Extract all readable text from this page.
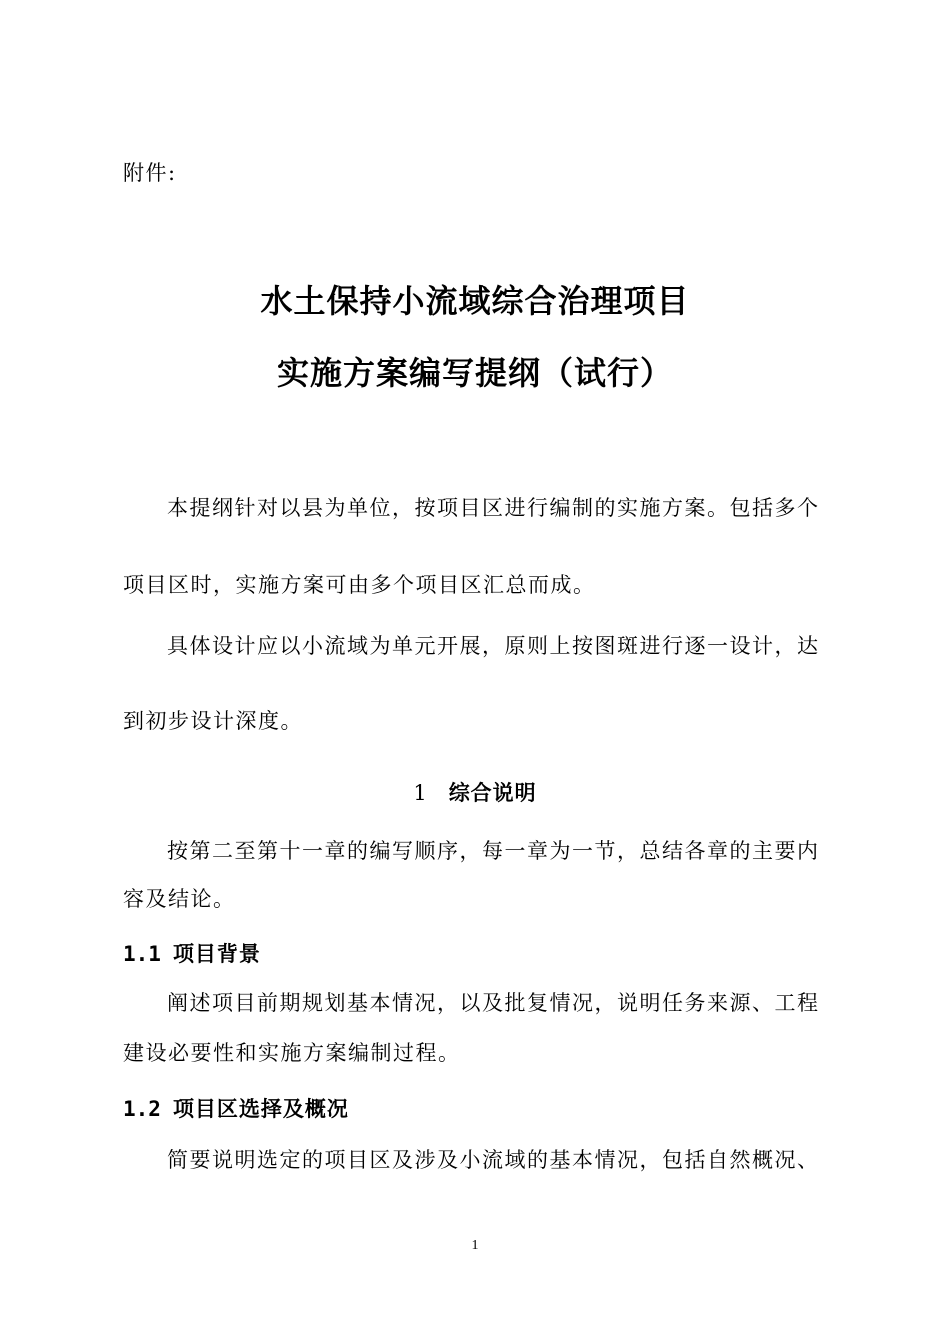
附件:
水土保持小流域综合治理项目
实施方案编写提纲（试行）
本提纲针对以县为单位，按项目区进行编制的实施方案。包括多个
项目区时，实施方案可由多个项目区汇总而成。
具体设计应以小流域为单元开展，原则上按图斑进行逐一设计，达
到初步设计深度。
1 综合说明
按第二至第十一章的编写顺序，每一章为一节，总结各章的主要内
容及结论。
1.1 项目背景
阐述项目前期规划基本情况，以及批复情况，说明任务来源、工程
建设必要性和实施方案编制过程。
1.2 项目区选择及概况
简要说明选定的项目区及涉及小流域的基本情况，包括自然概况、
1
